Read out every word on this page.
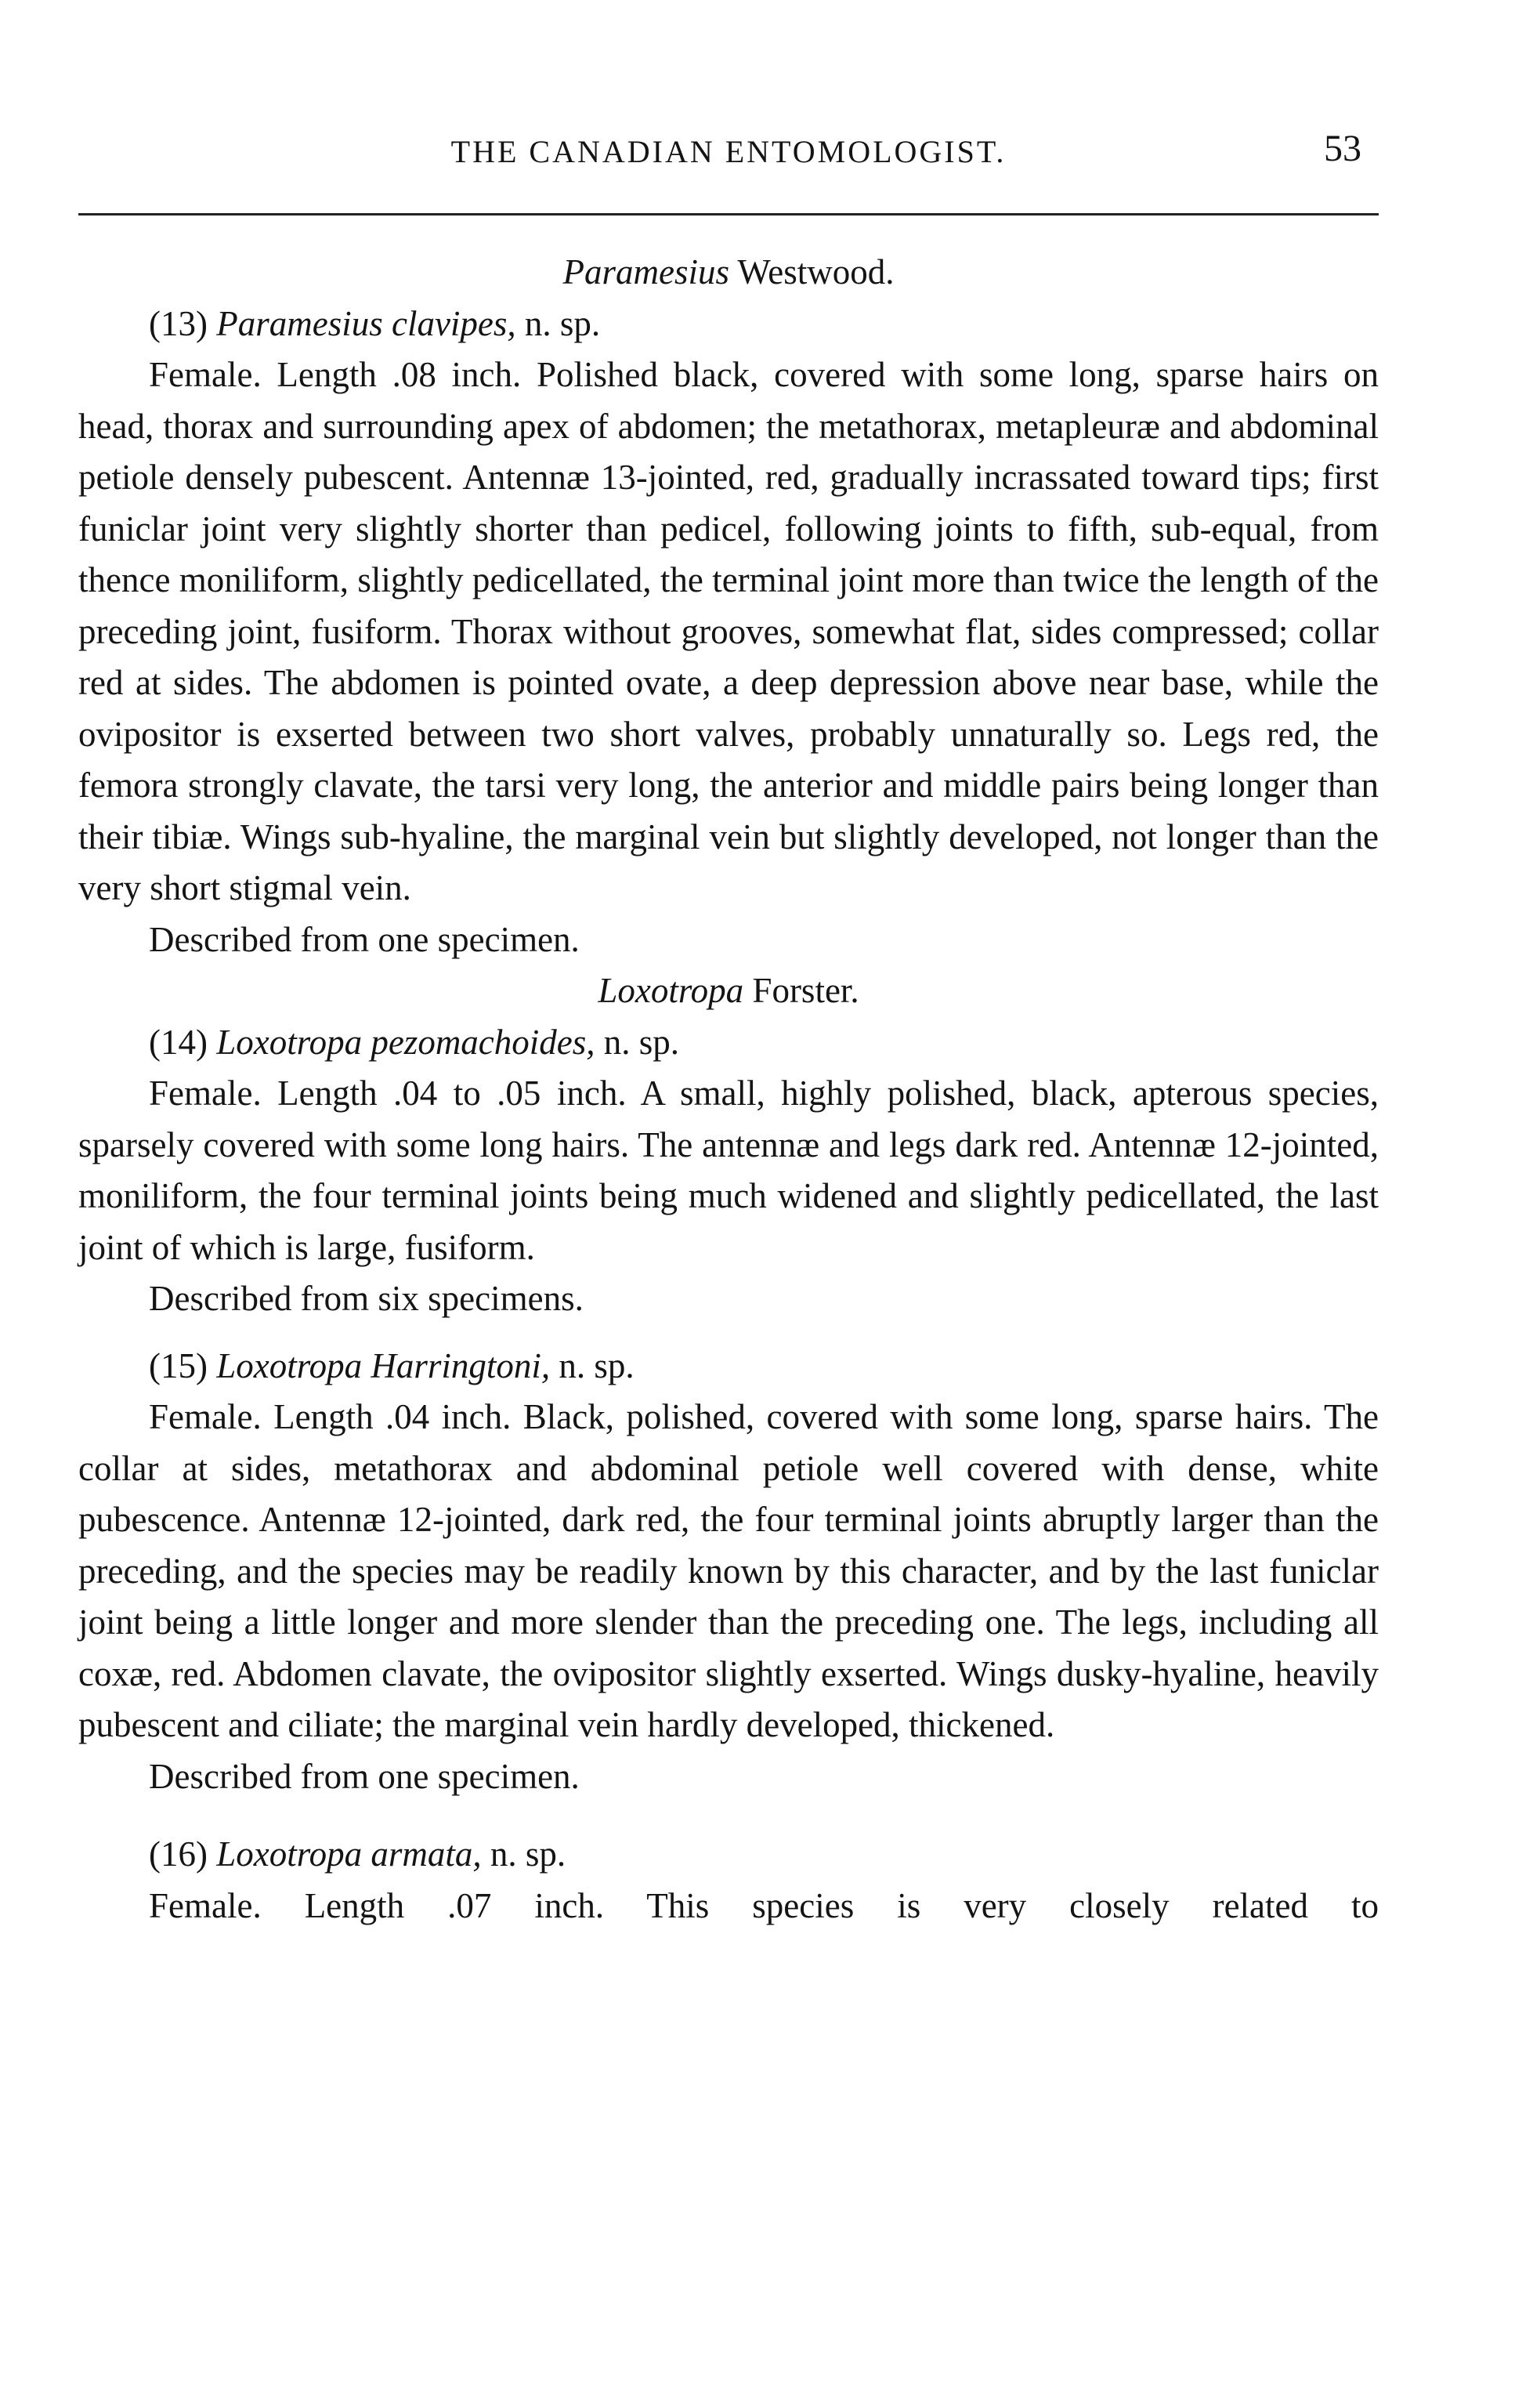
THE CANADIAN ENTOMOLOGIST.	53

Paramesius Westwood.

(13) Paramesius clavipes, n. sp.

Female. Length .08 inch. Polished black, covered with some long, sparse hairs on head, thorax and surrounding apex of abdomen; the metathorax, metapleuræ and abdominal petiole densely pubescent. Antennæ 13-jointed, red, gradually incrassated toward tips; first funiclar joint very slightly shorter than pedicel, following joints to fifth, sub-equal, from thence moniliform, slightly pedicellated, the terminal joint more than twice the length of the preceding joint, fusiform. Thorax without grooves, somewhat flat, sides compressed; collar red at sides. The abdomen is pointed ovate, a deep depression above near base, while the ovipositor is exserted between two short valves, probably unnaturally so. Legs red, the femora strongly clavate, the tarsi very long, the anterior and middle pairs being longer than their tibiæ. Wings sub-hyaline, the marginal vein but slightly developed, not longer than the very short stigmal vein.

Described from one specimen.

Loxotropa Forster.

(14) Loxotropa pezomachoides, n. sp.

Female. Length .04 to .05 inch. A small, highly polished, black, apterous species, sparsely covered with some long hairs. The antennæ and legs dark red. Antennæ 12-jointed, moniliform, the four terminal joints being much widened and slightly pedicellated, the last joint of which is large, fusiform.

Described from six specimens.

(15) Loxotropa Harringtoni, n. sp.

Female. Length .04 inch. Black, polished, covered with some long, sparse hairs. The collar at sides, metathorax and abdominal petiole well covered with dense, white pubescence. Antennæ 12-jointed, dark red, the four terminal joints abruptly larger than the preceding, and the species may be readily known by this character, and by the last funiclar joint being a little longer and more slender than the preceding one. The legs, including all coxæ, red. Abdomen clavate, the ovipositor slightly exserted. Wings dusky-hyaline, heavily pubescent and ciliate; the marginal vein hardly developed, thickened.

Described from one specimen.

(16) Loxotropa armata, n. sp.

Female. Length .07 inch. This species is very closely related to
